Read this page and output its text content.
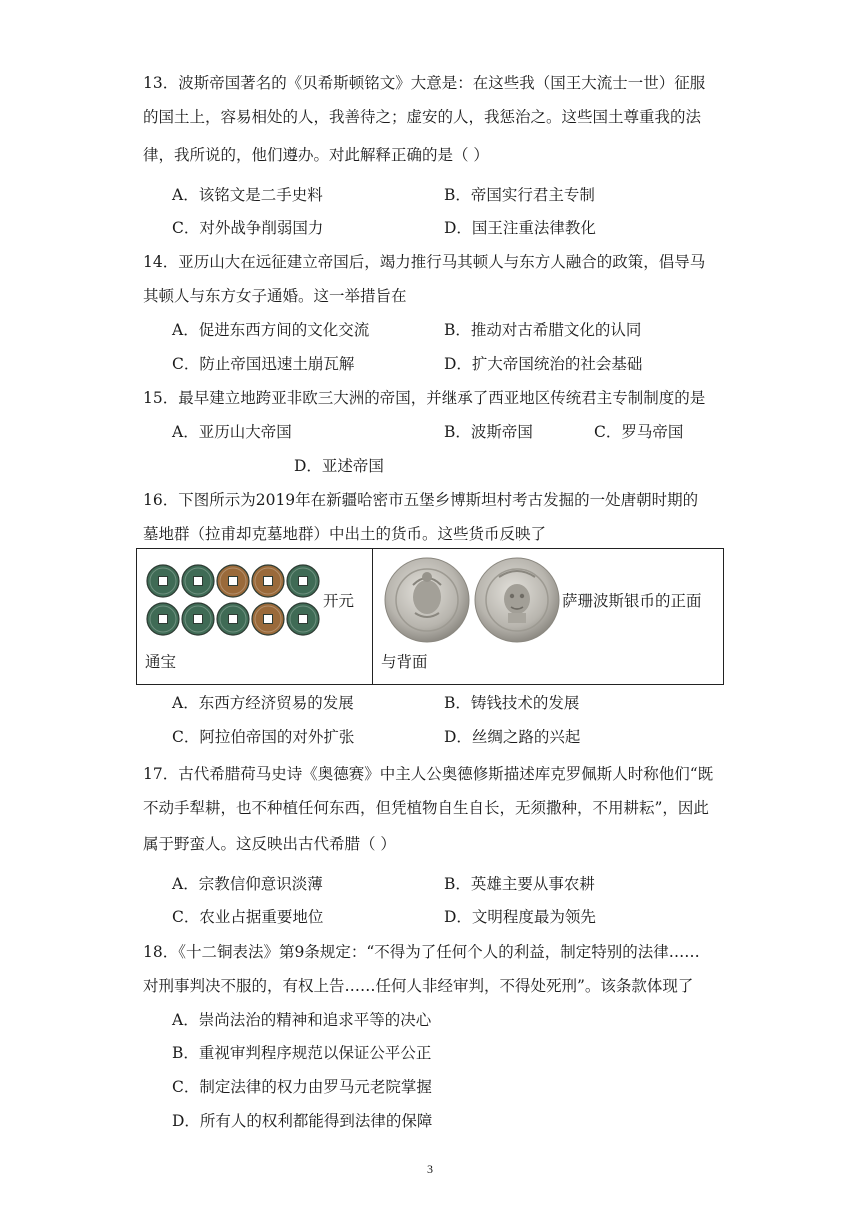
13．波斯帝国著名的《贝希斯顿铭文》大意是：在这些我（国王大流士一世）征服
的国土上，容易相处的人，我善待之；虚安的人，我惩治之。这些国土尊重我的法
律，我所说的，他们遵办。对此解释正确的是（ ）
A．该铭文是二手史料	B．帝国实行君主专制
C．对外战争削弱国力	D．国王注重法律教化
14．亚历山大在远征建立帝国后，竭力推行马其顿人与东方人融合的政策，倡导马
其顿人与东方女子通婚。这一举措旨在
A．促进东西方间的文化交流	B．推动对古希腊文化的认同
C．防止帝国迅速土崩瓦解	D．扩大帝国统治的社会基础
15．最早建立地跨亚非欧三大洲的帝国，并继承了西亚地区传统君主专制制度的是
A．亚历山大帝国	B．波斯帝国	C．罗马帝国
D．亚述帝国
16．下图所示为2019年在新疆哈密市五堡乡博斯坦村考古发掘的一处唐朝时期的
墓地群（拉甫却克墓地群）中出土的货币。这些货币反映了
开元
通宝
萨珊波斯银币的正面
与背面
A．东西方经济贸易的发展	B．铸钱技术的发展
C．阿拉伯帝国的对外扩张	D．丝绸之路的兴起
17．古代希腊荷马史诗《奥德赛》中主人公奥德修斯描述库克罗佩斯人时称他们“既
不动手犁耕，也不种植任何东西，但凭植物自生自长，无须撒种，不用耕耘”，因此
属于野蛮人。这反映出古代希腊（ ）
A．宗教信仰意识淡薄	B．英雄主要从事农耕
C．农业占据重要地位	D．文明程度最为领先
18．《十二铜表法》第9条规定：“不得为了任何个人的利益，制定特别的法律……
对刑事判决不服的，有权上告……任何人非经审判，不得处死刑”。该条款体现了
A．崇尚法治的精神和追求平等的决心
B．重视审判程序规范以保证公平公正
C．制定法律的权力由罗马元老院掌握
D．所有人的权利都能得到法律的保障
3
